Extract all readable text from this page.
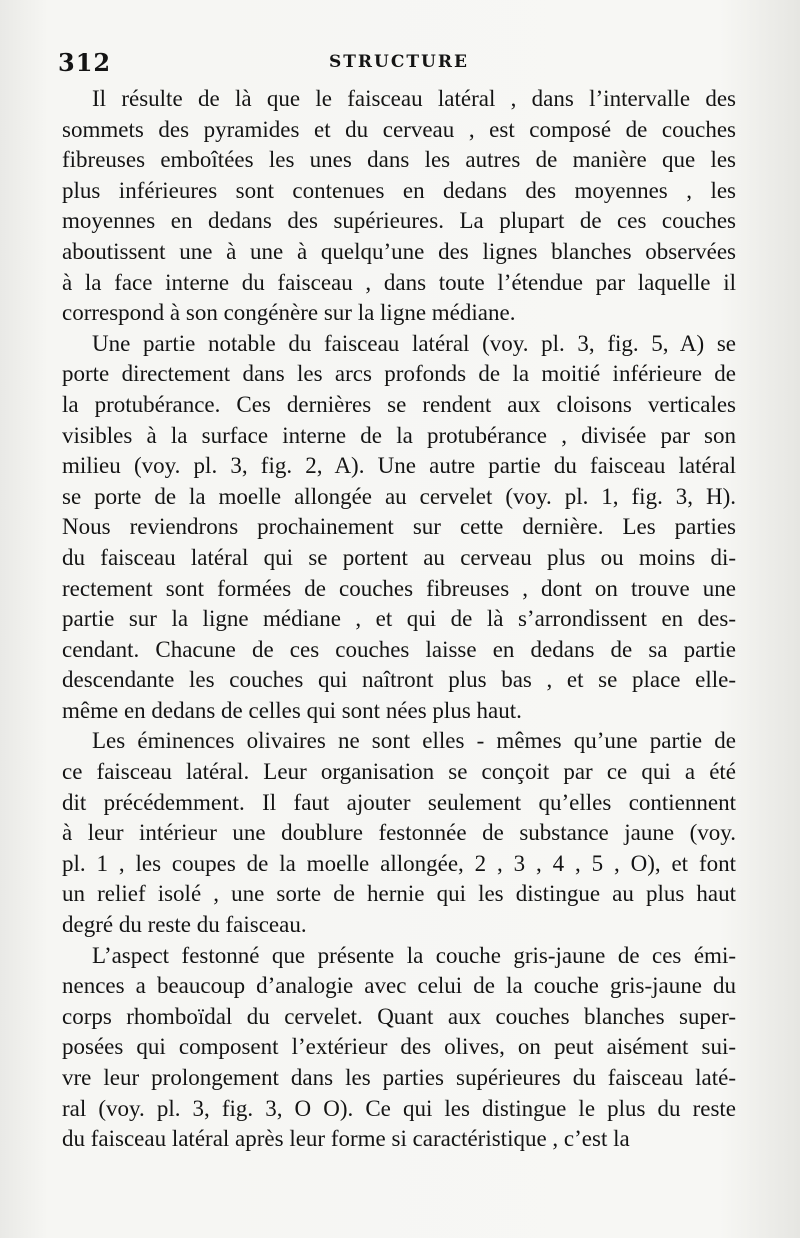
312	STRUCTURE
Il résulte de là que le faisceau latéral , dans l’intervalle des
sommets des pyramides et du cerveau , est composé de couches
fibreuses emboîtées les unes dans les autres de manière que les
plus inférieures sont contenues en dedans des moyennes , les
moyennes en dedans des supérieures. La plupart de ces couches
aboutissent une à une à quelqu’une des lignes blanches observées
à la face interne du faisceau , dans toute l’étendue par laquelle il
correspond à son congénère sur la ligne médiane.
Une partie notable du faisceau latéral (voy. pl. 3, fig. 5, A) se
porte directement dans les arcs profonds de la moitié inférieure de
la protubérance. Ces dernières se rendent aux cloisons verticales
visibles à la surface interne de la protubérance , divisée par son
milieu (voy. pl. 3, fig. 2, A). Une autre partie du faisceau latéral
se porte de la moelle allongée au cervelet (voy. pl. 1, fig. 3, H).
Nous reviendrons prochainement sur cette dernière. Les parties
du faisceau latéral qui se portent au cerveau plus ou moins di-
rectement sont formées de couches fibreuses , dont on trouve une
partie sur la ligne médiane , et qui de là s’arrondissent en des-
cendant. Chacune de ces couches laisse en dedans de sa partie
descendante les couches qui naîtront plus bas , et se place elle-
même en dedans de celles qui sont nées plus haut.
Les éminences olivaires ne sont elles - mêmes qu’une partie de
ce faisceau latéral. Leur organisation se conçoit par ce qui a été
dit précédemment. Il faut ajouter seulement qu’elles contiennent
à leur intérieur une doublure festonnée de substance jaune (voy.
pl. 1 , les coupes de la moelle allongée, 2 , 3 , 4 , 5 , O), et font
un relief isolé , une sorte de hernie qui les distingue au plus haut
degré du reste du faisceau.
L’aspect festonné que présente la couche gris-jaune de ces émi-
nences a beaucoup d’analogie avec celui de la couche gris-jaune du
corps rhomboïdal du cervelet. Quant aux couches blanches super-
posées qui composent l’extérieur des olives, on peut aisément sui-
vre leur prolongement dans les parties supérieures du faisceau laté-
ral (voy. pl. 3, fig. 3, O O). Ce qui les distingue le plus du reste
du faisceau latéral après leur forme si caractéristique , c’est la
